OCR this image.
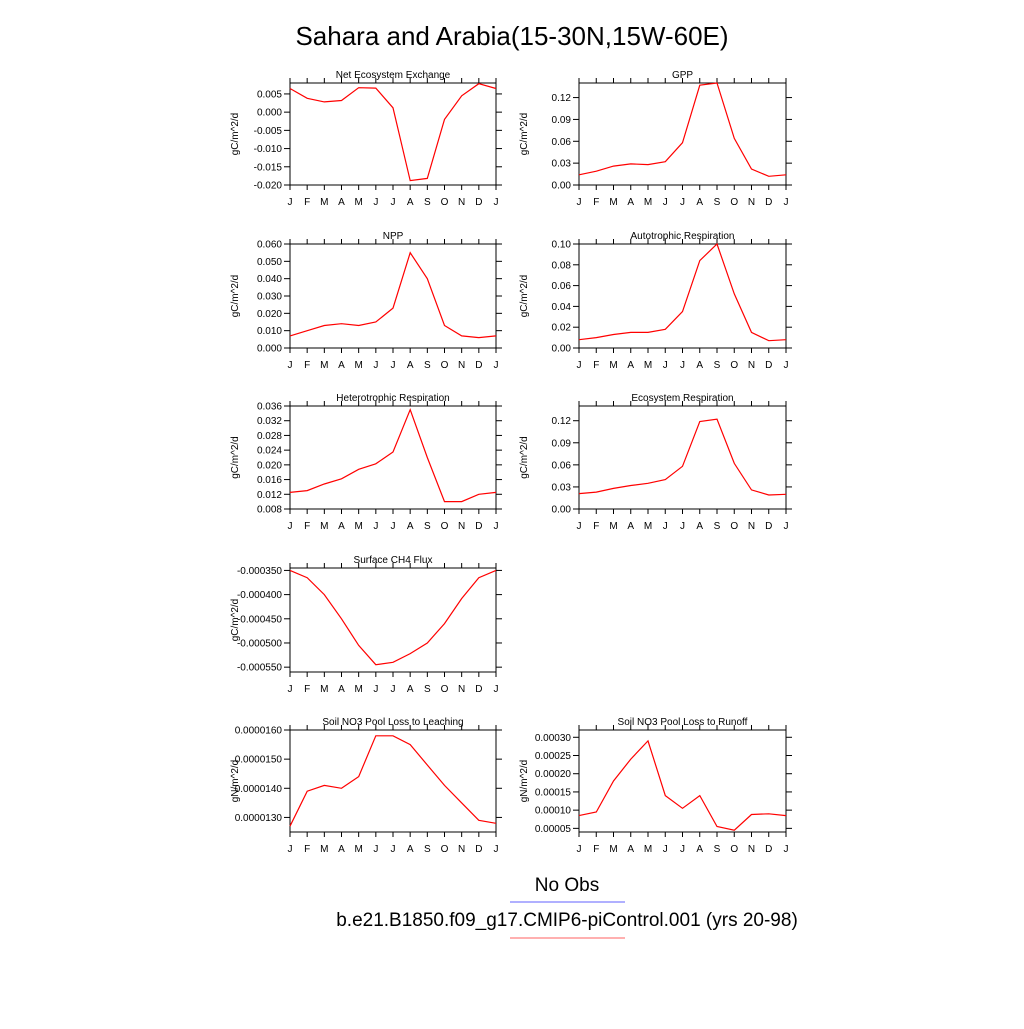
Sahara and Arabia(15-30N,15W-60E)
Net Ecosystem Exchange
gC/m^2/d
J F M A M J J A S O N D J
0.005
0.000
-0.005
-0.010
-0.015
-0.020
GPP
gC/m^2/d
J F M A M J J A S O N D J
0.12
0.09
0.06
0.03
0.00
NPP
gC/m^2/d
J F M A M J J A S O N D J
0.060
0.050
0.040
0.030
0.020
0.010
0.000
Autotrophic Respiration
gC/m^2/d
J F M A M J J A S O N D J
0.10
0.08
0.06
0.04
0.02
0.00
Heterotrophic Respiration
gC/m^2/d
J F M A M J J A S O N D J
0.036
0.032
0.028
0.024
0.020
0.016
0.012
0.008
Ecosystem Respiration
gC/m^2/d
J F M A M J J A S O N D J
0.12
0.09
0.06
0.03
0.00
Surface CH4 Flux
gC/m^2/d
J F M A M J J A S O N D J
-0.000350
-0.000400
-0.000450
-0.000500
-0.000550
Soil NO3 Pool Loss to Leaching
gN/m^2/d
J F M A M J J A S O N D J
0.0000160
0.0000150
0.0000140
0.0000130
Soil NO3 Pool Loss to Runoff
gN/m^2/d
J F M A M J J A S O N D J
0.00030
0.00025
0.00020
0.00015
0.00010
0.00005
No Obs
b.e21.B1850.f09_g17.CMIP6-piControl.001 (yrs 20-98)
